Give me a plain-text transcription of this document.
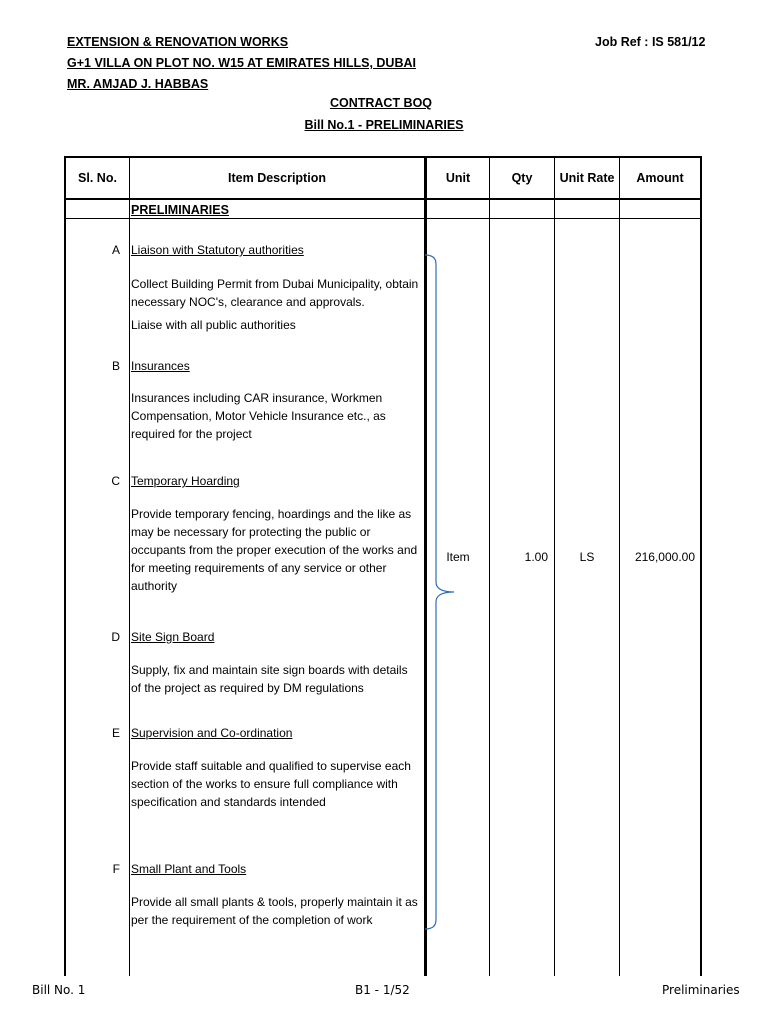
EXTENSION & RENOVATION WORKS
G+1 VILLA ON PLOT NO. W15 AT EMIRATES HILLS, DUBAI
MR. AMJAD J. HABBAS
Job Ref : IS 581/12
CONTRACT BOQ
Bill No.1 - PRELIMINARIES
Sl. No.	Item Description	Unit	Qty	Unit Rate	Amount
PRELIMINARIES
A Liaison with Statutory authorities
Collect Building Permit from Dubai Municipality, obtain necessary NOC's, clearance and approvals.
Liaise with all public authorities
B Insurances
Insurances including CAR insurance, Workmen Compensation, Motor Vehicle Insurance etc., as required for the project
C Temporary Hoarding
Provide temporary fencing, hoardings and the like as may be necessary for protecting the public or occupants from the proper execution of the works and for meeting requirements of any service or other authority
D Site Sign Board
Supply, fix and maintain site sign boards with details of the project as required by DM regulations
E Supervision and Co-ordination
Provide staff suitable and qualified to supervise each section of the works to ensure full compliance with specification and standards intended
F Small Plant and Tools
Provide all small plants & tools, properly maintain it as per the requirement of the completion of work
Item	1.00	LS	216,000.00
Bill No. 1	B1 - 1/52	Preliminaries
